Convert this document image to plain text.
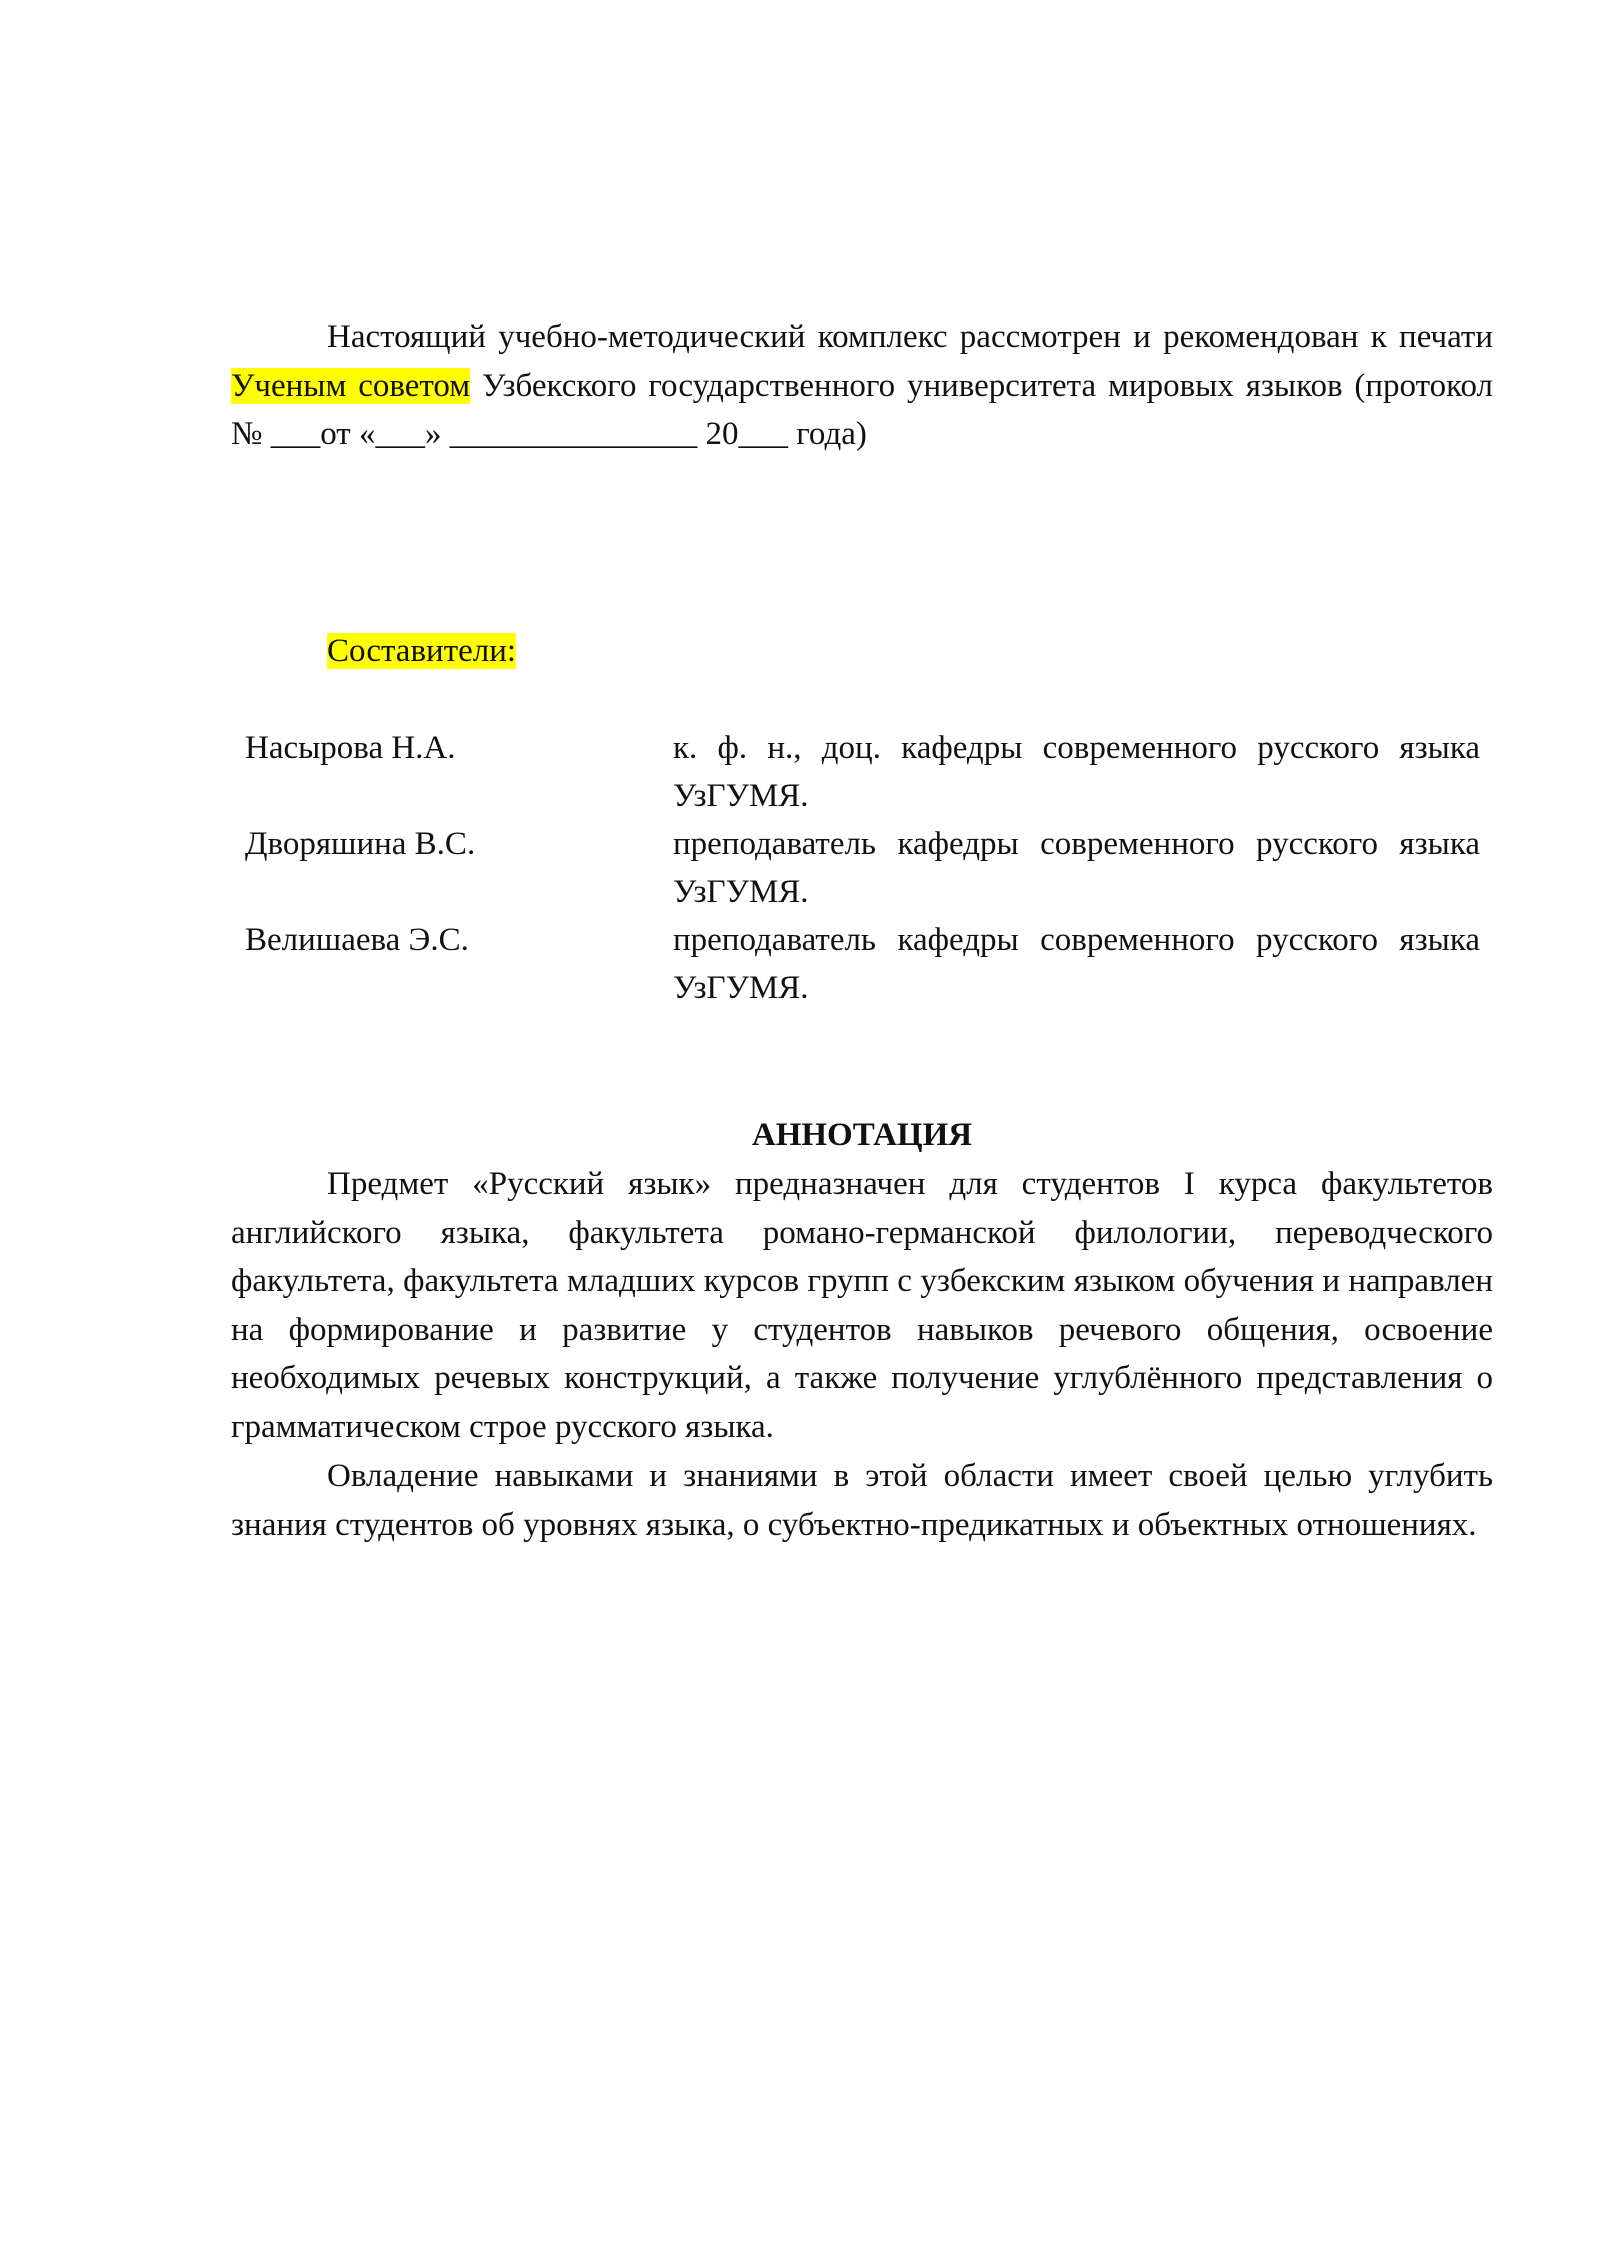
Настоящий учебно-методический комплекс рассмотрен и рекомендован к печати Ученым советом Узбекского государственного университета мировых языков (протокол № ___от «___» _______________ 20___ года)

Составители:

Насырова Н.А.	к. ф. н., доц. кафедры современного русского языка УзГУМЯ.
Дворяшина В.С.	преподаватель кафедры современного русского языка УзГУМЯ.
Велишаева Э.С.	преподаватель кафедры современного русского языка УзГУМЯ.
АННОТАЦИЯ

Предмет «Русский язык» предназначен для студентов I курса факультетов английского языка, факультета романо-германской филологии, переводческого факультета, факультета младших курсов групп с узбекским языком обучения и направлен на формирование и развитие у студентов навыков речевого общения, освоение необходимых речевых конструкций, а также получение углублённого представления о грамматическом строе русского языка.

Овладение навыками и знаниями в этой области имеет своей целью углубить знания студентов об уровнях языка, о субъектно-предикатных и объектных отношениях.
